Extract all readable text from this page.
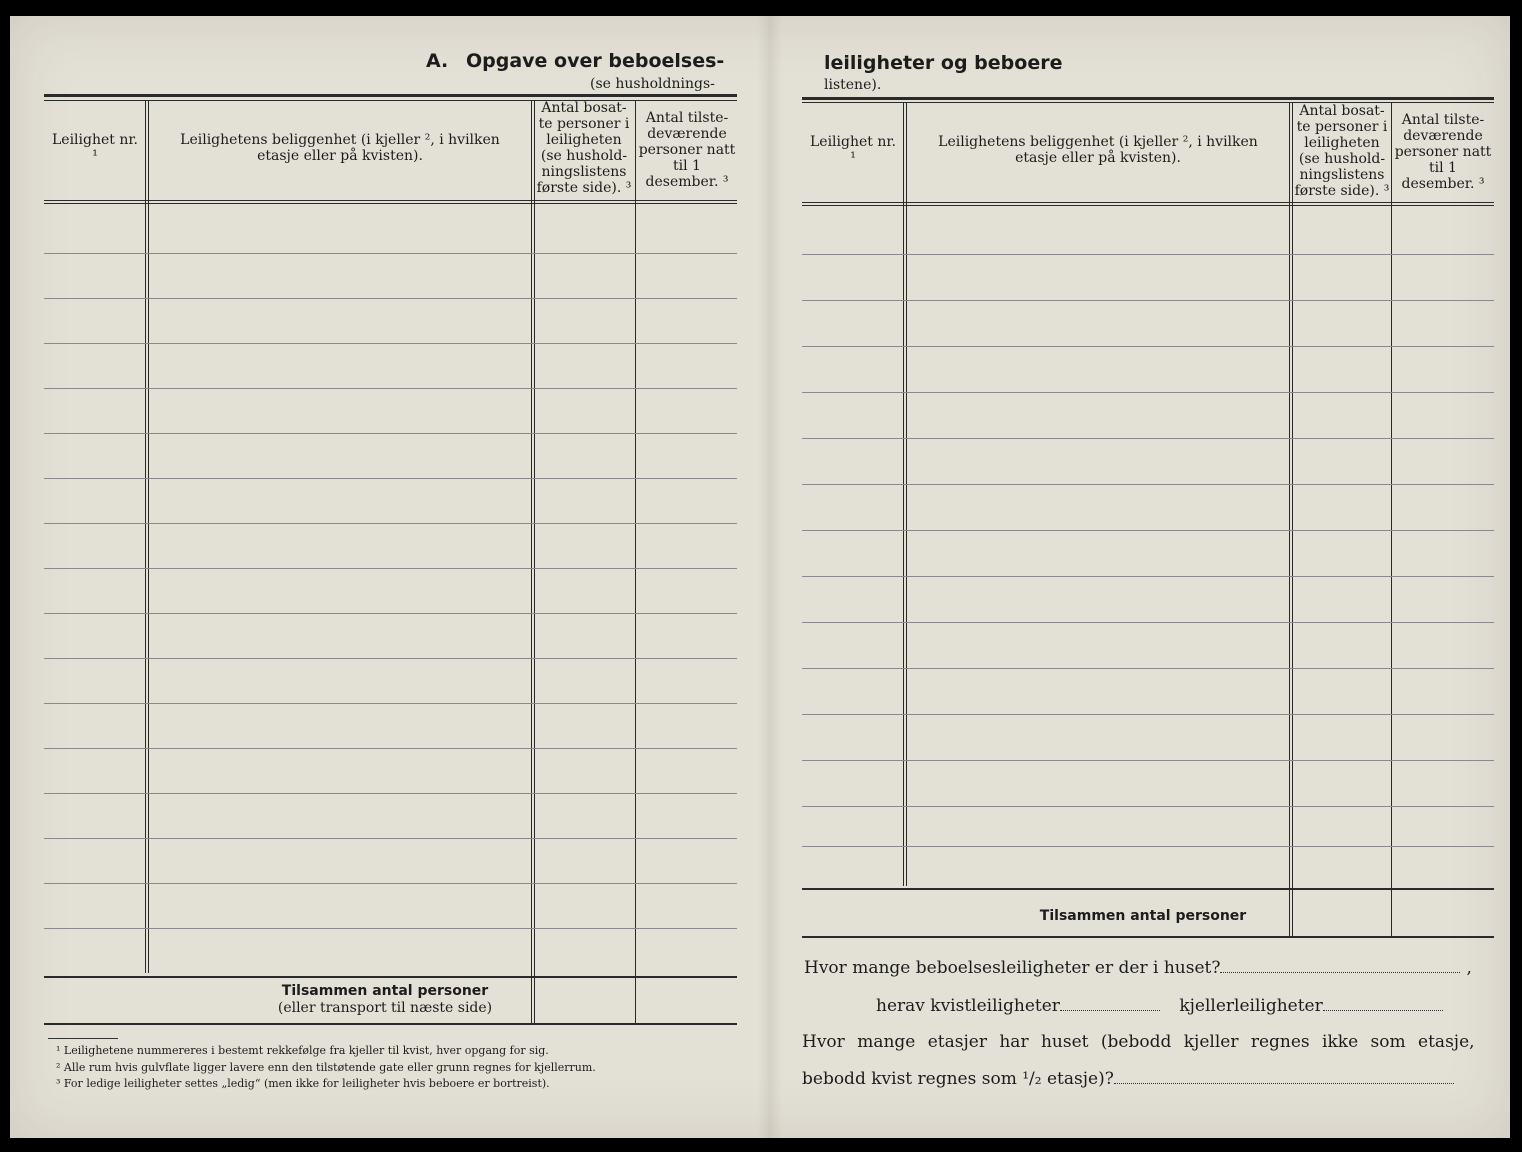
A. Opgave over beboelses-
(se husholdnings-
Leilighet nr. ¹
Leilighetens beliggenhet (i kjeller ², i hvilken etasje eller på kvisten).
Antal bosat-te personer i leiligheten (se hushold-ningslistens første side). ³
Antal tilste-deværende personer natt til 1 desember. ³
Tilsammen antal personer
(eller transport til næste side)
¹ Leilighetene nummereres i bestemt rekkefølge fra kjeller til kvist, hver opgang for sig.
² Alle rum hvis gulvflate ligger lavere enn den tilstøtende gate eller grunn regnes for kjellerrum.
³ For ledige leiligheter settes „ledig“ (men ikke for leiligheter hvis beboere er bortreist).
leiligheter og beboere
listene).
Leilighet nr. ¹
Leilighetens beliggenhet (i kjeller ², i hvilken etasje eller på kvisten).
Antal bosat-te personer i leiligheten (se hushold-ningslistens første side). ³
Antal tilste-deværende personer natt til 1 desember. ³
Tilsammen antal personer
Hvor mange beboelsesleiligheter er der i huset?	,
herav kvistleiligheter	kjellerleiligheter
Hvor mange etasjer har huset (bebodd kjeller regnes ikke som etasje,
bebodd kvist regnes som ¹/₂ etasje)?
